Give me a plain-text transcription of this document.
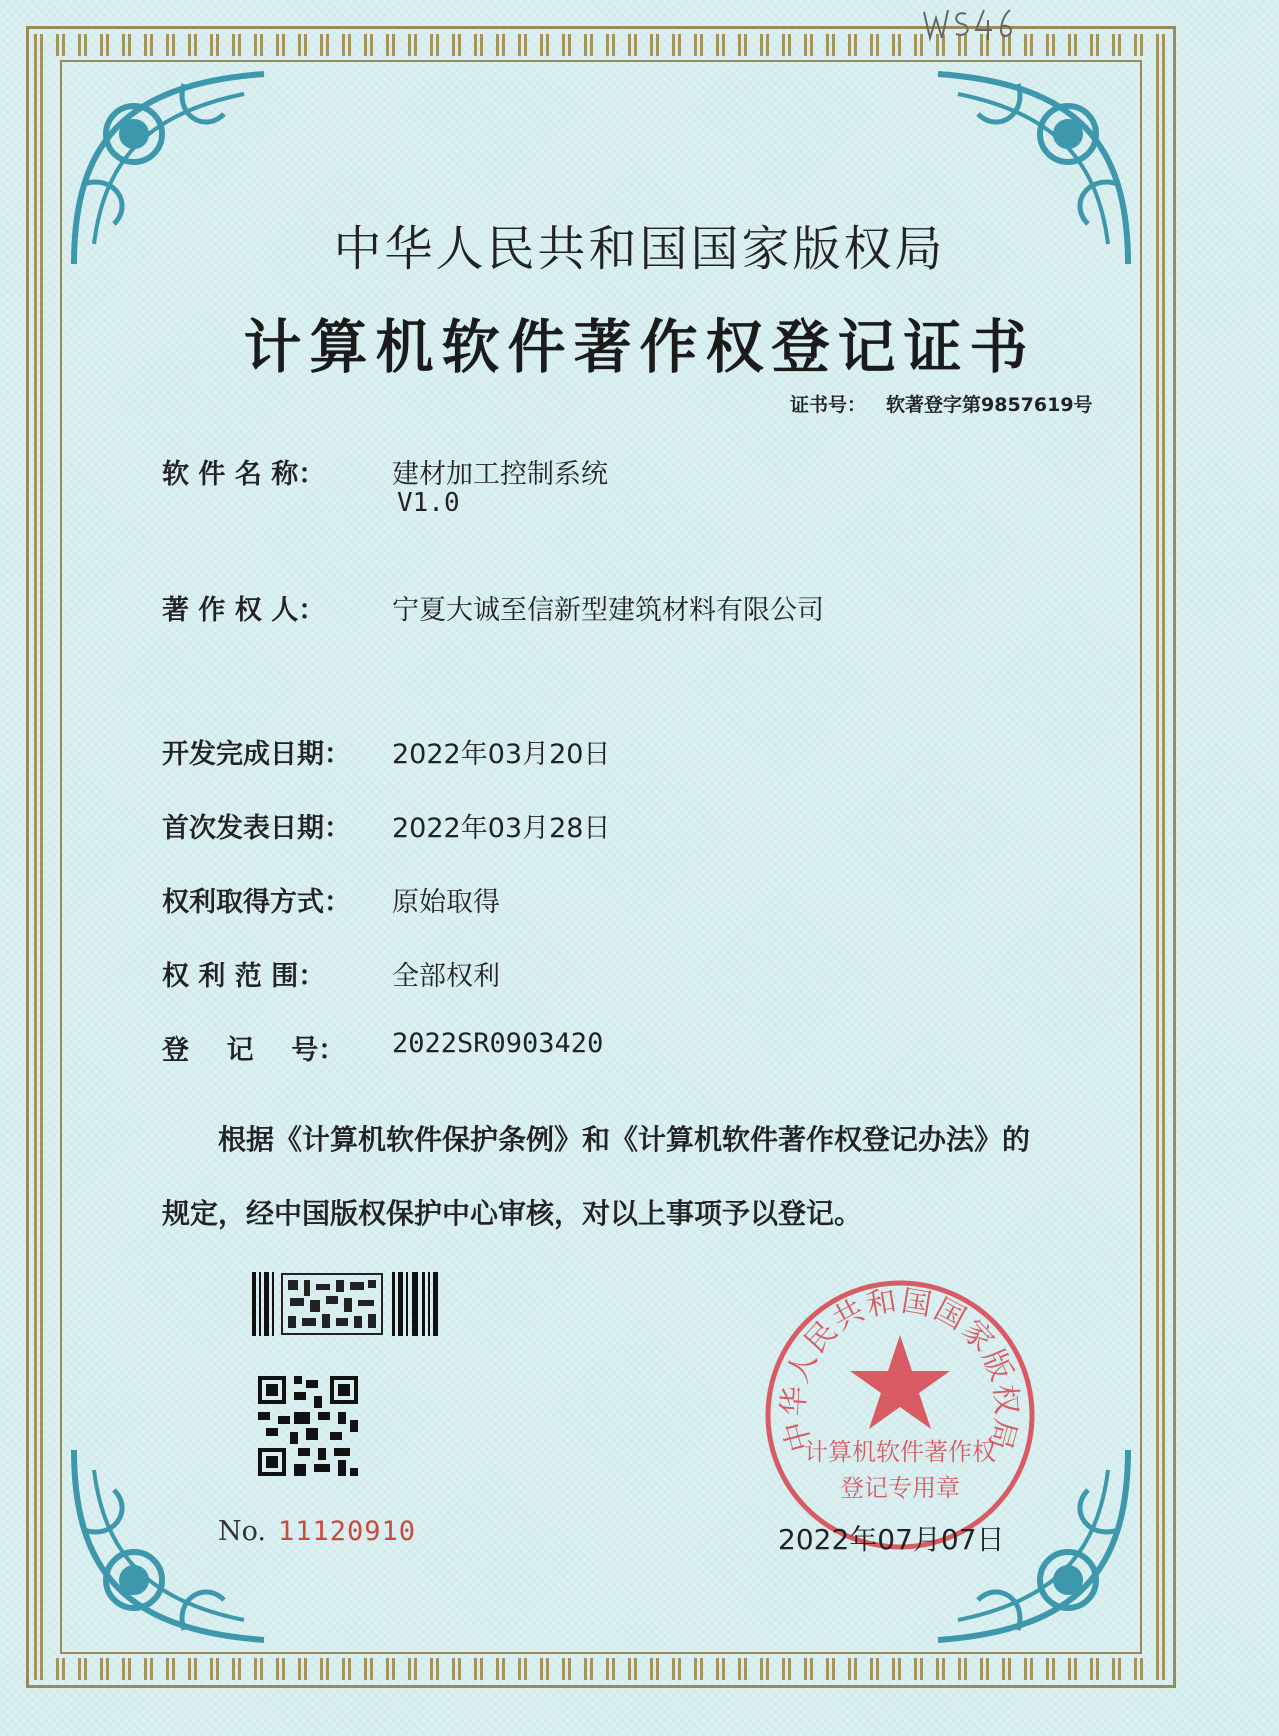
中华人民共和国国家版权局
计算机软件著作权登记证书
证书号： 软著登字第9857619号
软 件 名 称： 建材加工控制系统
V1.0
著 作 权 人： 宁夏大诚至信新型建筑材料有限公司
开发完成日期： 2022年03月20日
首次发表日期： 2022年03月28日
权利取得方式： 原始取得
权 利 范 围： 全部权利
登    记    号： 2022SR0903420
根据《计算机软件保护条例》和《计算机软件著作权登记办法》的
规定，经中国版权保护中心审核，对以上事项予以登记。
No. 11120910
中华人民共和国国家版权局
计算机软件著作权
登记专用章
2022年07月07日
